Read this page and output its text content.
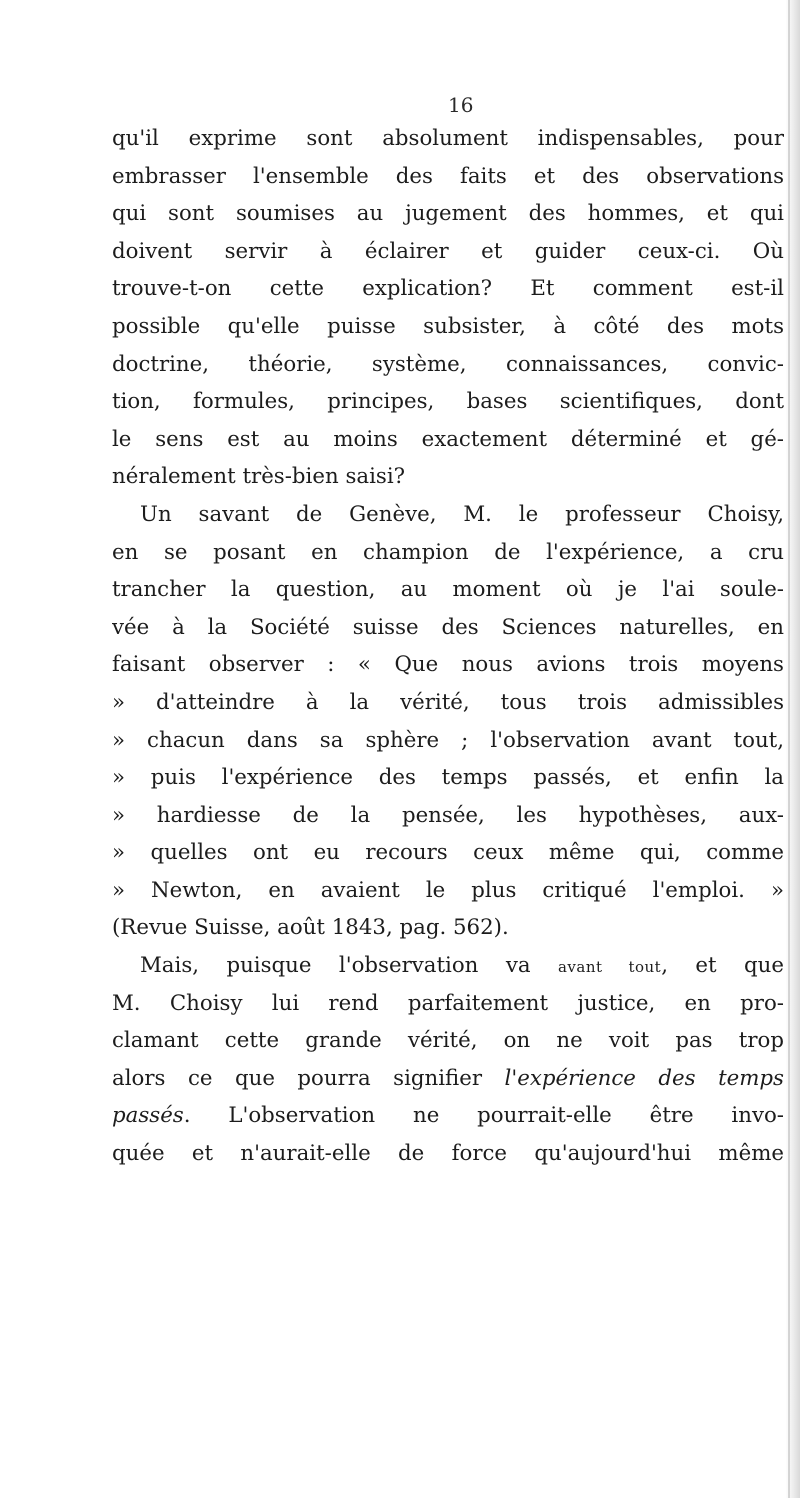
16
qu'il exprime sont absolument indispensables, pour
embrasser l'ensemble des faits et des observations
qui sont soumises au jugement des hommes, et qui
doivent servir à éclairer et guider ceux-ci. Où
trouve-t-on cette explication? Et comment est-il
possible qu'elle puisse subsister, à côté des mots
doctrine, théorie, système, connaissances, convic-
tion, formules, principes, bases scientifiques, dont
le sens est au moins exactement déterminé et gé-
néralement très-bien saisi?
Un savant de Genève, M. le professeur Choisy,
en se posant en champion de l'expérience, a cru
trancher la question, au moment où je l'ai soule-
vée à la Société suisse des Sciences naturelles, en
faisant observer : « Que nous avions trois moyens
» d'atteindre à la vérité, tous trois admissibles
» chacun dans sa sphère ; l'observation avant tout,
» puis l'expérience des temps passés, et enfin la
» hardiesse de la pensée, les hypothèses, aux-
» quelles ont eu recours ceux même qui, comme
» Newton, en avaient le plus critiqué l'emploi. »
(Revue Suisse, août 1843, pag. 562).
Mais, puisque l'observation va avant tout, et que
M. Choisy lui rend parfaitement justice, en pro-
clamant cette grande vérité, on ne voit pas trop
alors ce que pourra signifier l'expérience des temps
passés. L'observation ne pourrait-elle être invo-
quée et n'aurait-elle de force qu'aujourd'hui même
